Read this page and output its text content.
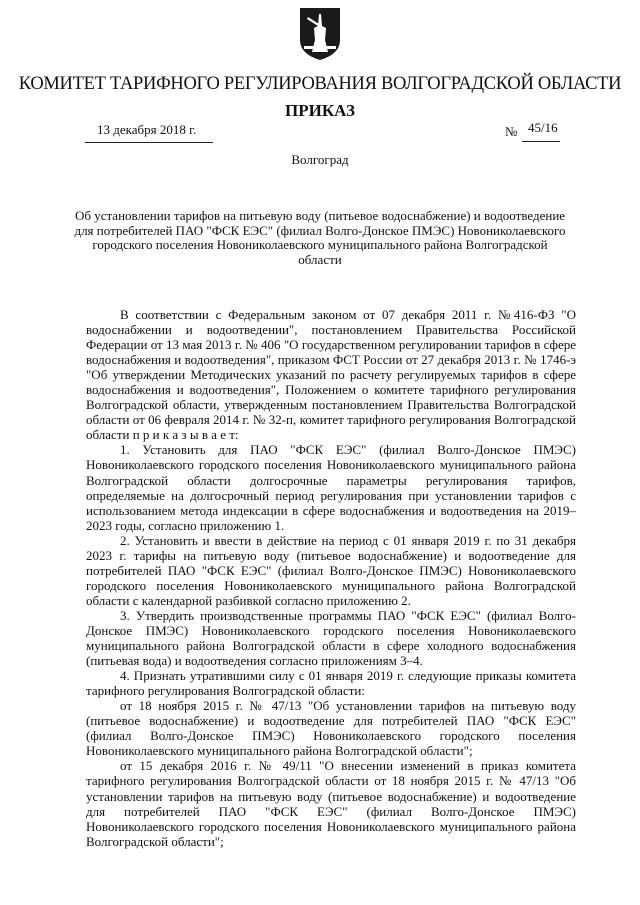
КОМИТЕТ ТАРИФНОГО РЕГУЛИРОВАНИЯ ВОЛГОГРАДСКОЙ ОБЛАСТИ
ПРИКАЗ
13 декабря 2018 г.	№ 45/16
Волгоград
Об установлении тарифов на питьевую воду (питьевое водоснабжение) и водоотведение для потребителей ПАО "ФСК ЕЭС" (филиал Волго-Донское ПМЭС) Новониколаевского городского поселения Новониколаевского муниципального района Волгоградской области

В соответствии с Федеральным законом от 07 декабря 2011 г. №416-ФЗ "О водоснабжении и водоотведении", постановлением Правительства Российской Федерации от 13 мая 2013 г. № 406 "О государственном регулировании тарифов в сфере водоснабжения и водоотведения", приказом ФСТ России от 27 декабря 2013 г. № 1746-э "Об утверждении Методических указаний по расчету регулируемых тарифов в сфере водоснабжения и водоотведения", Положением о комитете тарифного регулирования Волгоградской области, утвержденным постановлением Правительства Волгоградской области от 06 февраля 2014 г. № 32-п, комитет тарифного регулирования Волгоградской области п р и к а з ы в а е т:

1. Установить для ПАО "ФСК ЕЭС" (филиал Волго-Донское ПМЭС) Новониколаевского городского поселения Новониколаевского муниципального района Волгоградской области долгосрочные параметры регулирования тарифов, определяемые на долгосрочный период регулирования при установлении тарифов с использованием метода индексации в сфере водоснабжения и водоотведения на 2019–2023 годы, согласно приложению 1.

2. Установить и ввести в действие на период с 01 января 2019 г. по 31 декабря 2023 г. тарифы на питьевую воду (питьевое водоснабжение) и водоотведение для потребителей ПАО "ФСК ЕЭС" (филиал Волго-Донское ПМЭС) Новониколаевского городского поселения Новониколаевского муниципального района Волгоградской области с календарной разбивкой согласно приложению 2.

3. Утвердить производственные программы ПАО "ФСК ЕЭС" (филиал Волго-Донское ПМЭС) Новониколаевского городского поселения Новониколаевского муниципального района Волгоградской области в сфере холодного водоснабжения (питьевая вода) и водоотведения согласно приложениям 3–4.

4. Признать утратившими силу с 01 января 2019 г. следующие приказы комитета тарифного регулирования Волгоградской области:

от 18 ноября 2015 г. № 47/13 "Об установлении тарифов на питьевую воду (питьевое водоснабжение) и водоотведение для потребителей ПАО "ФСК ЕЭС" (филиал Волго-Донское ПМЭС) Новониколаевского городского поселения Новониколаевского муниципального района Волгоградской области";

от 15 декабря 2016 г. № 49/11 "О внесении изменений в приказ комитета тарифного регулирования Волгоградской области от 18 ноября 2015 г. № 47/13 "Об установлении тарифов на питьевую воду (питьевое водоснабжение) и водоотведение для потребителей ПАО "ФСК ЕЭС" (филиал Волго-Донское ПМЭС) Новониколаевского городского поселения Новониколаевского муниципального района Волгоградской области";
